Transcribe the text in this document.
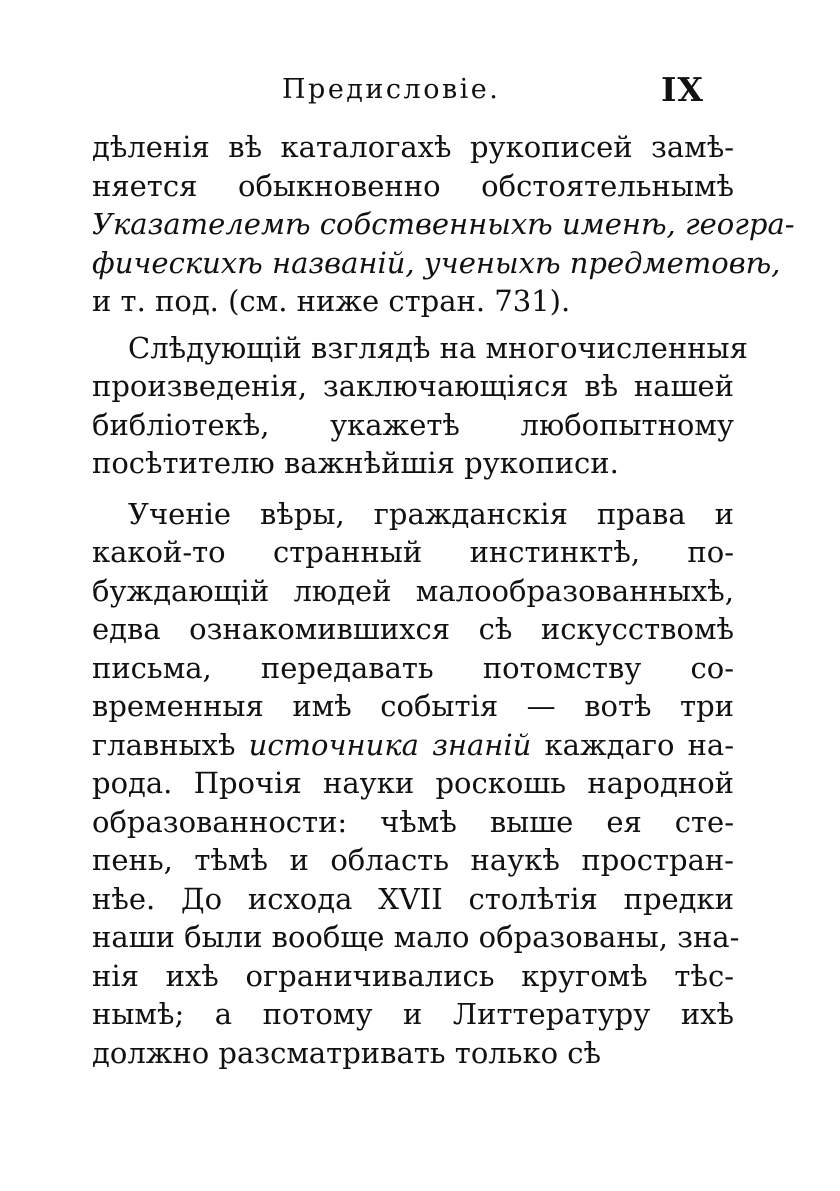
Предисловіе.	IX

дѣленія вѣ каталогахѣ рукописей замѣ-
няется обыкновенно обстоятельнымѣ
Указателемѣ собственныхѣ именѣ, геогра-
фическихѣ названій, ученыхѣ предметовѣ,
и т. под. (см. ниже стран. 731).

Слѣдующій взглядѣ на многочисленныя
произведенія, заключающіяся вѣ нашей
библіотекѣ, укажетѣ любопытному
посѣтителю важнѣйшія рукописи.

Ученіе вѣры, гражданскія права и
какой-то странный инстинктѣ, по-
буждающій людей малообразованныхѣ,
едва ознакомившихся сѣ искусствомѣ
письма, передавать потомству со-
временныя имѣ событія — вотѣ три
главныхѣ источника знаній каждаго на-
рода. Прочія науки роскошь народной
образованности: чѣмѣ выше ея сте-
пень, тѣмѣ и область наукѣ простран-
нѣе. До исхода XVII столѣтія предки
наши были вообще мало образованы, зна-
нія ихѣ ограничивались кругомѣ тѣс-
нымѣ; а потому и Литтературу ихѣ
должно разсматривать только сѣ
